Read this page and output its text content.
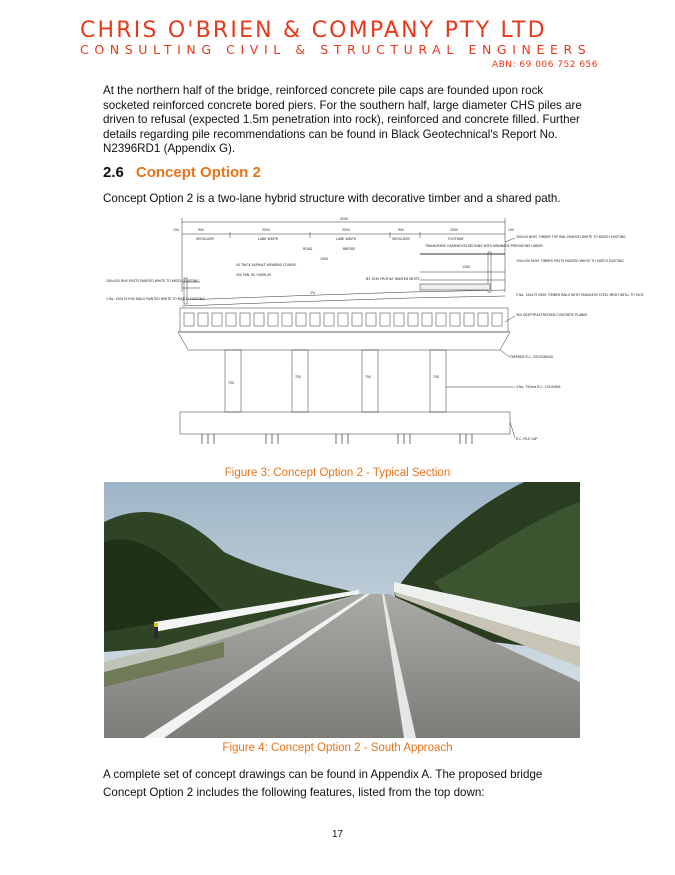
CHRIS O'BRIEN & COMPANY PTY LTD
CONSULTING CIVIL & STRUCTURAL ENGINEERS
ABN: 69 006 752 656
At the northern half of the bridge, reinforced concrete pile caps are founded upon rock
socketed reinforced concrete bored piers. For the southern half, large diameter CHS piles are
driven to refusal (expected 1.5m penetration into rock), reinforced and concrete filled. Further
details regarding pile recommendations can be found in Black Geotechnical's Report No.
N2396RD1 (Appendix G).
2.6 Concept Option 2
Concept Option 2 is a two-lane hybrid structure with decorative timber and a shared path.
5200
150	900	3500	3500	900	2500	150
SHOULDER	LANE WIDTH	LANE WIDTH	SHOULDER	FOOTWAY
ROAD	BRIDGE
1500
2%
1200
200x200 RHS POSTS PAINTED WHITE TO MATCH EXISTING
2 No. 150x75 RHS RAILS PAINTED WHITE TO MATCH EXISTING
40 THICK ASPHALT WEARING COURSE
200 MIN. RC OVERLAY
TRANSVERSE HARDWOOD DECKING WITH DRAINAGE PROVISIONS UNDER
B3 1030 PROFILE PAINTED WHITE
300x50 NOM. TIMBER TOP RAIL PAINTED WHITE TO MATCH EXISTING
150x150 NOM. TIMBER POSTS PAINTED WHITE TO MATCH EXISTING
2 No. 150x75 NOM. TIMBER RAILS WITH STAINLESS STEEL MESH INFILL TO FACE
500 DEEP PRESTRESSED CONCRETE PLANKS
TAPERED R.C. CROSSHEAD
4 No. 750dia R.C. COLUMNS
R.C. PILE CAP
750
750	750	750
Figure 3: Concept Option 2 - Typical Section
Figure 4: Concept Option 2 - South Approach
A complete set of concept drawings can be found in Appendix A. The proposed bridge
Concept Option 2 includes the following features, listed from the top down:
17
